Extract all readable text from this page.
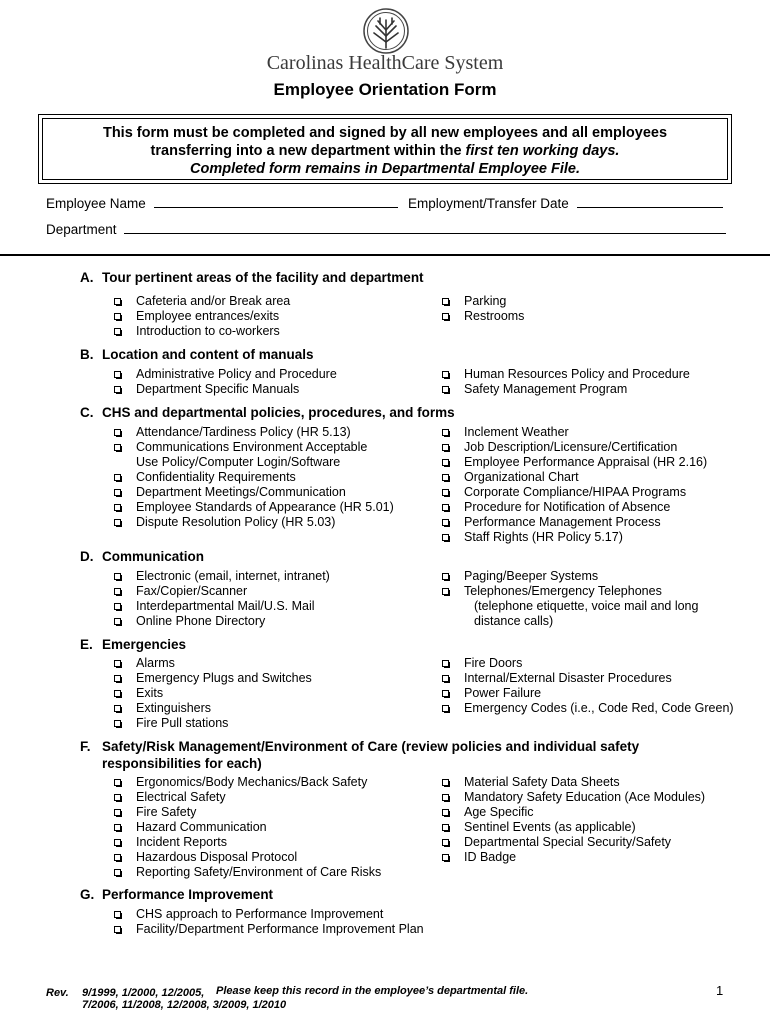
Carolinas HealthCare System
Employee Orientation Form
This form must be completed and signed by all new employees and all employees
transferring into a new department within the first ten working days.
Completed form remains in Departmental Employee File.
Employee Name	Employment/Transfer Date
Department
A. Tour pertinent areas of the facility and department
Cafeteria and/or Break area
Employee entrances/exits
Introduction to co-workers
Parking
Restrooms
B. Location and content of manuals
Administrative Policy and Procedure
Department Specific Manuals
Human Resources Policy and Procedure
Safety Management Program
C. CHS and departmental policies, procedures, and forms
Attendance/Tardiness Policy (HR 5.13)
Communications Environment Acceptable
Use Policy/Computer Login/Software
Confidentiality Requirements
Department Meetings/Communication
Employee Standards of Appearance (HR 5.01)
Dispute Resolution Policy (HR 5.03)
Inclement Weather
Job Description/Licensure/Certification
Employee Performance Appraisal (HR 2.16)
Organizational Chart
Corporate Compliance/HIPAA Programs
Procedure for Notification of Absence
Performance Management Process
Staff Rights (HR Policy 5.17)
D. Communication
Electronic (email, internet, intranet)
Fax/Copier/Scanner
Interdepartmental Mail/U.S. Mail
Online Phone Directory
Paging/Beeper Systems
Telephones/Emergency Telephones
(telephone etiquette, voice mail and long
distance calls)
E. Emergencies
Alarms
Emergency Plugs and Switches
Exits
Extinguishers
Fire Pull stations
Fire Doors
Internal/External Disaster Procedures
Power Failure
Emergency Codes (i.e., Code Red, Code Green)
F. Safety/Risk Management/Environment of Care (review policies and individual safety
responsibilities for each)
Ergonomics/Body Mechanics/Back Safety
Electrical Safety
Fire Safety
Hazard Communication
Incident Reports
Hazardous Disposal Protocol
Reporting Safety/Environment of Care Risks
Material Safety Data Sheets
Mandatory Safety Education (Ace Modules)
Age Specific
Sentinel Events (as applicable)
Departmental Special Security/Safety
ID Badge
G. Performance Improvement
CHS approach to Performance Improvement
Facility/Department Performance Improvement Plan
Rev. 9/1999, 1/2000, 12/2005,
7/2006, 11/2008, 12/2008, 3/2009, 1/2010
Please keep this record in the employee’s departmental file.	1
